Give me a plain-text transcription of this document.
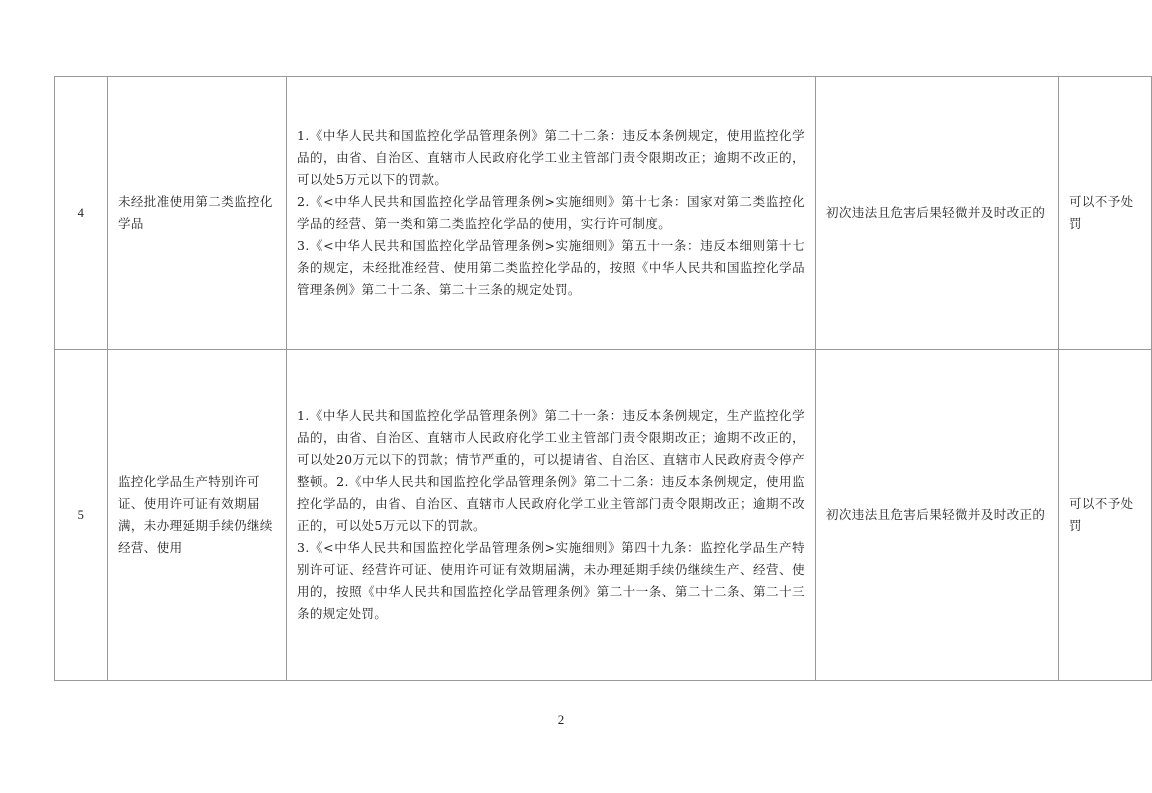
4	未经批准使用第二类监控化学品	1.《中华人民共和国监控化学品管理条例》第二十二条：违反本条例规定，使用监控化学品的，由省、自治区、直辖市人民政府化学工业主管部门责令限期改正；逾期不改正的，可以处5万元以下的罚款。
2.《<中华人民共和国监控化学品管理条例>实施细则》第十七条：国家对第二类监控化学品的经营、第一类和第二类监控化学品的使用，实行许可制度。
3.《<中华人民共和国监控化学品管理条例>实施细则》第五十一条：违反本细则第十七条的规定，未经批准经营、使用第二类监控化学品的，按照《中华人民共和国监控化学品管理条例》第二十二条、第二十三条的规定处罚。	初次违法且危害后果轻微并及时改正的	可以不予处罚
5	监控化学品生产特别许可证、使用许可证有效期届满，未办理延期手续仍继续经营、使用	1.《中华人民共和国监控化学品管理条例》第二十一条：违反本条例规定，生产监控化学品的，由省、自治区、直辖市人民政府化学工业主管部门责令限期改正；逾期不改正的，可以处20万元以下的罚款；情节严重的，可以提请省、自治区、直辖市人民政府责令停产整顿。2.《中华人民共和国监控化学品管理条例》第二十二条：违反本条例规定，使用监控化学品的，由省、自治区、直辖市人民政府化学工业主管部门责令限期改正；逾期不改正的，可以处5万元以下的罚款。
3.《<中华人民共和国监控化学品管理条例>实施细则》第四十九条：监控化学品生产特别许可证、经营许可证、使用许可证有效期届满，未办理延期手续仍继续生产、经营、使用的，按照《中华人民共和国监控化学品管理条例》第二十一条、第二十二条、第二十三条的规定处罚。	初次违法且危害后果轻微并及时改正的	可以不予处罚
2
